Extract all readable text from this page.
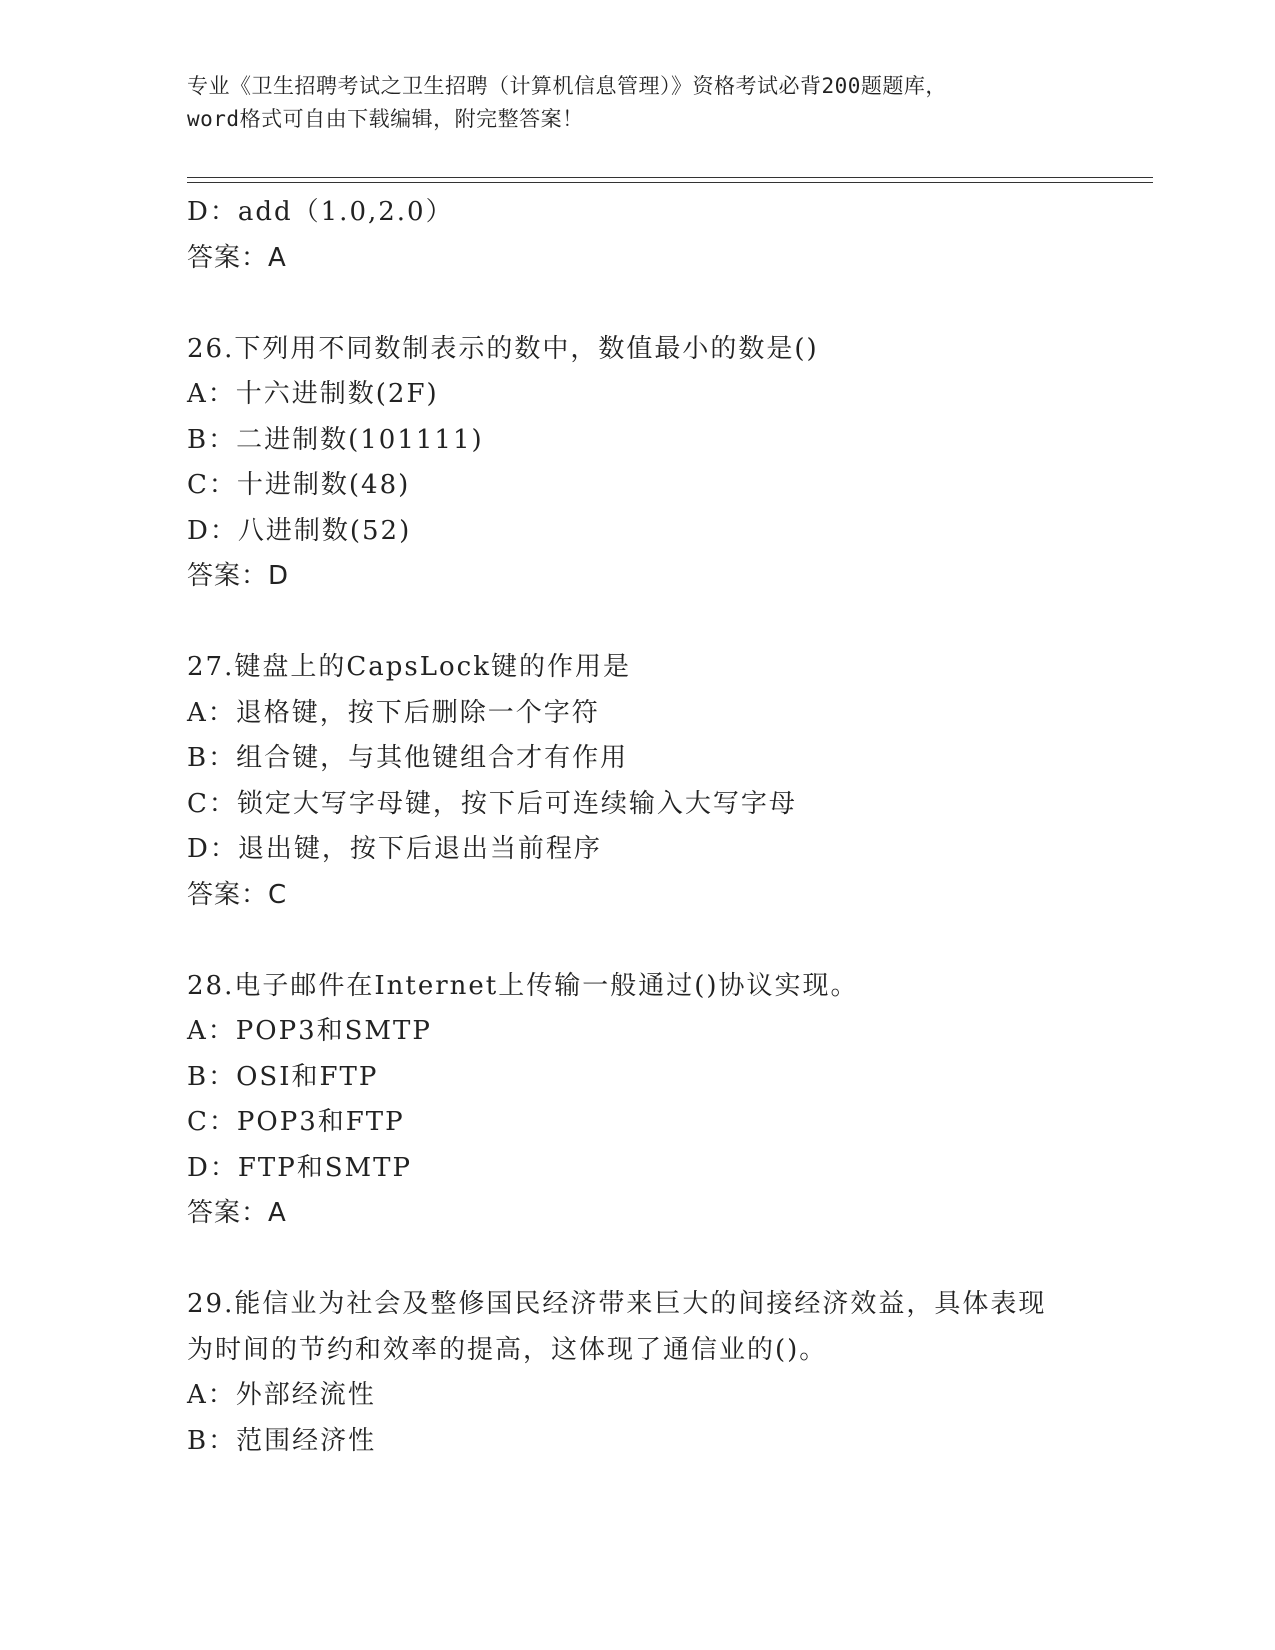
专业《卫生招聘考试之卫生招聘（计算机信息管理）》资格考试必背200题题库，
word格式可自由下载编辑，附完整答案！
D：add（1.0,2.0）
答案：A
26.下列用不同数制表示的数中，数值最小的数是()
A：十六进制数(2F)
B：二进制数(101111)
C：十进制数(48)
D：八进制数(52)
答案：D
27.键盘上的CapsLock键的作用是
A：退格键，按下后删除一个字符
B：组合键，与其他键组合才有作用
C：锁定大写字母键，按下后可连续输入大写字母
D：退出键，按下后退出当前程序
答案：C
28.电子邮件在Internet上传输一般通过()协议实现。
A：POP3和SMTP
B：OSI和FTP
C：POP3和FTP
D：FTP和SMTP
答案：A
29.能信业为社会及整修国民经济带来巨大的间接经济效益，具体表现
为时间的节约和效率的提高，这体现了通信业的()。
A：外部经流性
B：范围经济性
